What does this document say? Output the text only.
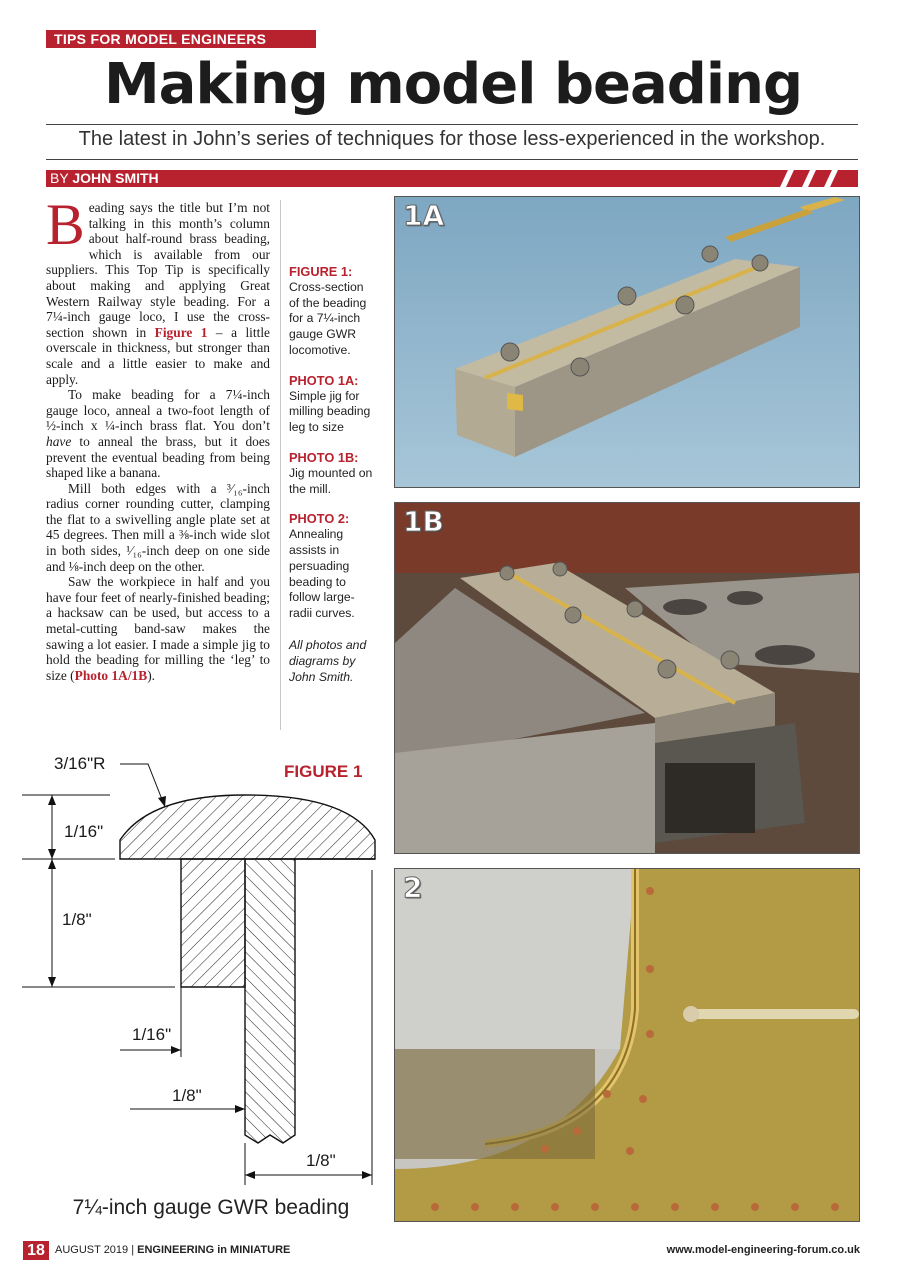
TIPS FOR MODEL ENGINEERS
Making model beading
The latest in John’s series of techniques for those less-experienced in the workshop.
BY JOHN SMITH

Beading says the title but I’m not talking in this month’s column about half-round brass beading, which is available from our suppliers. This Top Tip is specifically about making and applying Great Western Railway style beading. For a 7¼-inch gauge loco, I use the cross-section shown in Figure 1 – a little overscale in thickness, but stronger than scale and a little easier to make and apply.

To make beading for a 7¼-inch gauge loco, anneal a two-foot length of ½-inch x ¼-inch brass flat. You don’t have to anneal the brass, but it does prevent the eventual beading from being shaped like a banana.

Mill both edges with a ³⁄₁₆-inch radius corner rounding cutter, clamping the flat to a swivelling angle plate set at 45 degrees. Then mill a ⅜-inch wide slot in both sides, ¹⁄₁₆-inch deep on one side and ⅛-inch deep on the other.

Saw the workpiece in half and you have four feet of nearly-finished beading; a hacksaw can be used, but access to a metal-cutting band-saw makes the sawing a lot easier. I made a simple jig to hold the beading for milling the ‘leg’ to size (Photo 1A/1B).

FIGURE 1:
Cross-section of the beading for a 7¼-inch gauge GWR locomotive.
PHOTO 1A:
Simple jig for milling beading leg to size
PHOTO 1B:
Jig mounted on the mill.
PHOTO 2:
Annealing assists in persuading beading to follow large-radii curves.
All photos and diagrams by John Smith.
1A
1B
2
FIGURE 1
3/16"R
1/16"
1/8"
1/16"
1/8"
1/8"
7¼-inch gauge GWR beading
18 AUGUST 2019 | ENGINEERING in MINIATURE	www.model-engineering-forum.co.uk
